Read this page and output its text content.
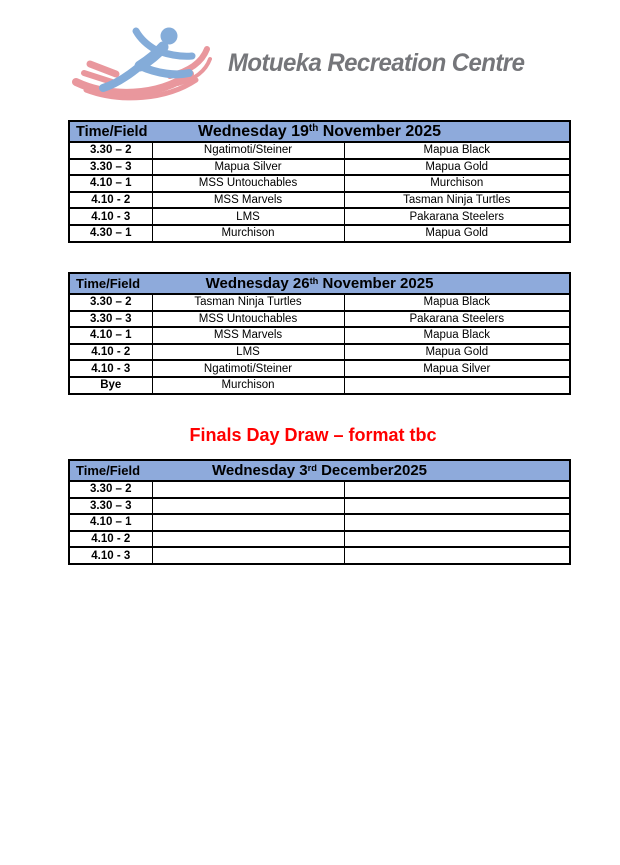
Motueka Recreation Centre
Time/Field Wednesday 19th November 2025		

3.30 – 2	Ngatimoti/Steiner	Mapua Black
3.30 – 3	Mapua Silver	Mapua Gold
4.10 – 1	MSS Untouchables	Murchison
4.10 - 2	MSS Marvels	Tasman Ninja Turtles
4.10 - 3	LMS	Pakarana Steelers
4.30 – 1	Murchison	Mapua Gold
Time/Field Wednesday 26th November 2025		

3.30 – 2	Tasman Ninja Turtles	Mapua Black
3.30 – 3	MSS Untouchables	Pakarana Steelers
4.10 – 1	MSS Marvels	Mapua Black
4.10 - 2	LMS	Mapua Gold
4.10 - 3	Ngatimoti/Steiner	Mapua Silver
Bye	Murchison	
Finals Day Draw – format tbc
Time/Field Wednesday 3rd December2025		

3.30 – 2		
3.30 – 3		
4.10 – 1		
4.10 - 2		
4.10 - 3		
